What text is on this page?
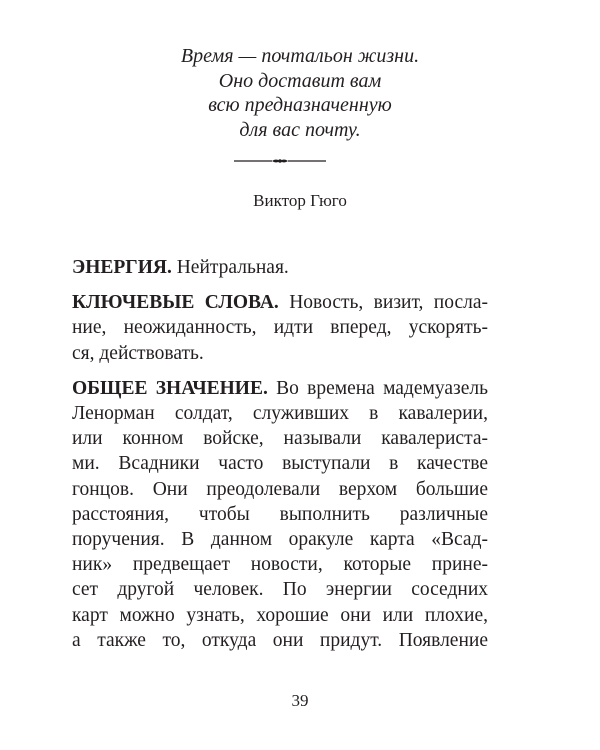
Время — почтальон жизни.
Оно доставит вам
всю предназначенную
для вас почту.
Виктор Гюго

ЭНЕРГИЯ. Нейтральная.

КЛЮЧЕВЫЕ СЛОВА. Новость, визит, посла-
ние, неожиданность, идти вперед, ускорять-
ся, действовать.

ОБЩЕЕ ЗНАЧЕНИЕ. Во времена мадемуазель
Ленорман солдат, служивших в кавалерии,
или конном войске, называли кавалериста-
ми. Всадники часто выступали в качестве
гонцов. Они преодолевали верхом большие
расстояния, чтобы выполнить различные
поручения. В данном оракуле карта «Всад-
ник» предвещает новости, которые прине-
сет другой человек. По энергии соседних
карт можно узнать, хорошие они или плохие,
а также то, откуда они придут. Появление

39
